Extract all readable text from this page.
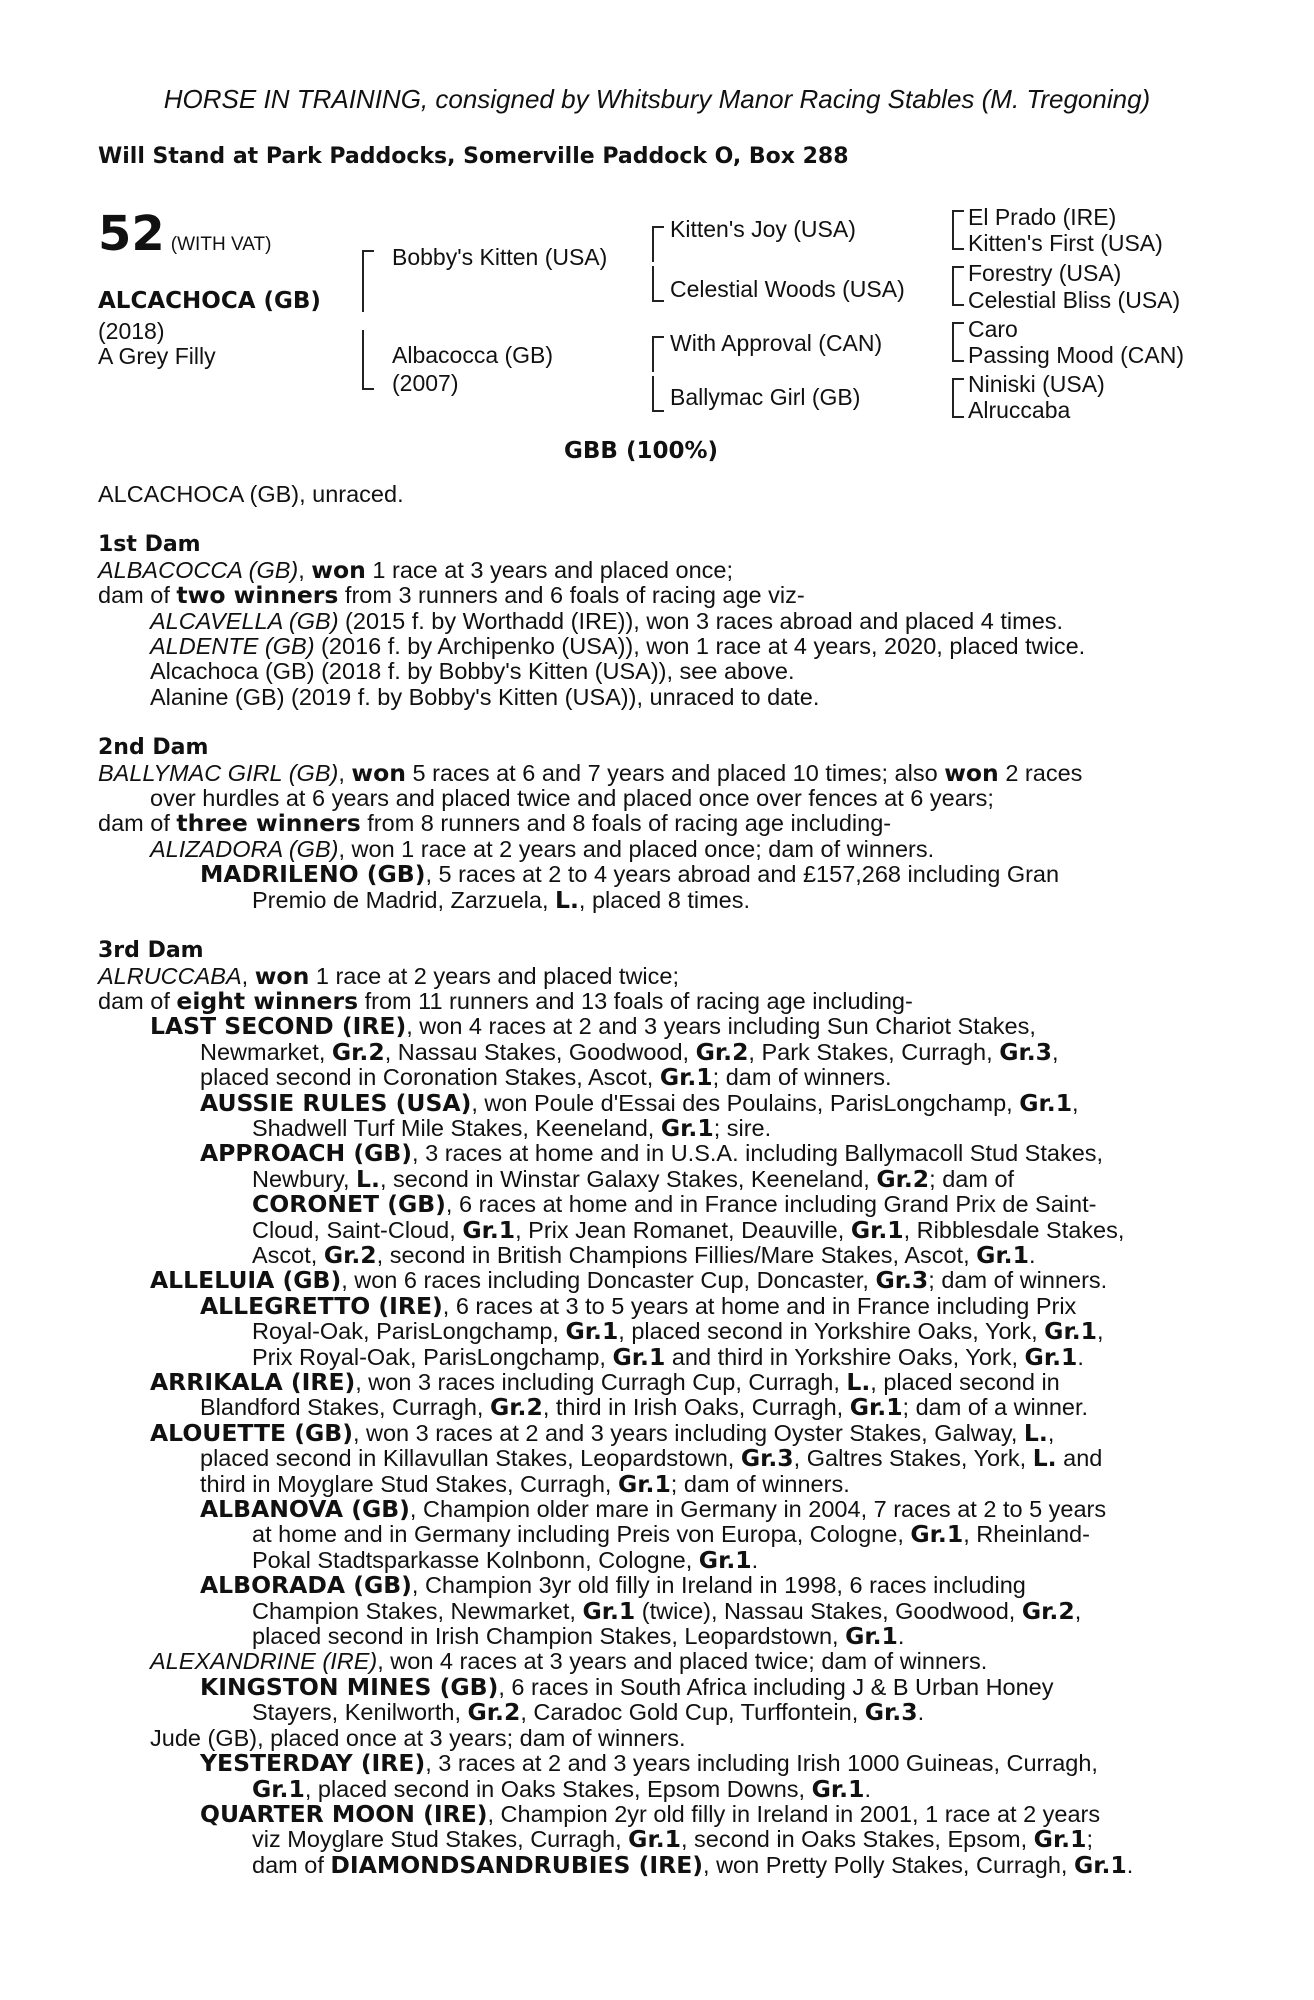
HORSE IN TRAINING, consigned by Whitsbury Manor Racing Stables (M. Tregoning)
Will Stand at Park Paddocks, Somerville Paddock O, Box 288
52 (WITH VAT)
ALCACHOCA (GB)
(2018)
A Grey Filly
Bobby's Kitten (USA)
Albacocca (GB)
(2007)
Kitten's Joy (USA)
Celestial Woods (USA)
With Approval (CAN)
Ballymac Girl (GB)
El Prado (IRE)
Kitten's First (USA)
Forestry (USA)
Celestial Bliss (USA)
Caro
Passing Mood (CAN)
Niniski (USA)
Alruccaba
GBB (100%)
ALCACHOCA (GB), unraced.
1st Dam
ALBACOCCA (GB), won 1 race at 3 years and placed once;
dam of two winners from 3 runners and 6 foals of racing age viz-
ALCAVELLA (GB) (2015 f. by Worthadd (IRE)), won 3 races abroad and placed 4 times.
ALDENTE (GB) (2016 f. by Archipenko (USA)), won 1 race at 4 years, 2020, placed twice.
Alcachoca (GB) (2018 f. by Bobby's Kitten (USA)), see above.
Alanine (GB) (2019 f. by Bobby's Kitten (USA)), unraced to date.
2nd Dam
BALLYMAC GIRL (GB), won 5 races at 6 and 7 years and placed 10 times; also won 2 races
over hurdles at 6 years and placed twice and placed once over fences at 6 years;
dam of three winners from 8 runners and 8 foals of racing age including-
ALIZADORA (GB), won 1 race at 2 years and placed once; dam of winners.
MADRILENO (GB), 5 races at 2 to 4 years abroad and £157,268 including Gran
Premio de Madrid, Zarzuela, L., placed 8 times.
3rd Dam
ALRUCCABA, won 1 race at 2 years and placed twice;
dam of eight winners from 11 runners and 13 foals of racing age including-
LAST SECOND (IRE), won 4 races at 2 and 3 years including Sun Chariot Stakes,
Newmarket, Gr.2, Nassau Stakes, Goodwood, Gr.2, Park Stakes, Curragh, Gr.3,
placed second in Coronation Stakes, Ascot, Gr.1; dam of winners.
AUSSIE RULES (USA), won Poule d'Essai des Poulains, ParisLongchamp, Gr.1,
Shadwell Turf Mile Stakes, Keeneland, Gr.1; sire.
APPROACH (GB), 3 races at home and in U.S.A. including Ballymacoll Stud Stakes,
Newbury, L., second in Winstar Galaxy Stakes, Keeneland, Gr.2; dam of
CORONET (GB), 6 races at home and in France including Grand Prix de Saint-
Cloud, Saint-Cloud, Gr.1, Prix Jean Romanet, Deauville, Gr.1, Ribblesdale Stakes,
Ascot, Gr.2, second in British Champions Fillies/Mare Stakes, Ascot, Gr.1.
ALLELUIA (GB), won 6 races including Doncaster Cup, Doncaster, Gr.3; dam of winners.
ALLEGRETTO (IRE), 6 races at 3 to 5 years at home and in France including Prix
Royal-Oak, ParisLongchamp, Gr.1, placed second in Yorkshire Oaks, York, Gr.1,
Prix Royal-Oak, ParisLongchamp, Gr.1 and third in Yorkshire Oaks, York, Gr.1.
ARRIKALA (IRE), won 3 races including Curragh Cup, Curragh, L., placed second in
Blandford Stakes, Curragh, Gr.2, third in Irish Oaks, Curragh, Gr.1; dam of a winner.
ALOUETTE (GB), won 3 races at 2 and 3 years including Oyster Stakes, Galway, L.,
placed second in Killavullan Stakes, Leopardstown, Gr.3, Galtres Stakes, York, L. and
third in Moyglare Stud Stakes, Curragh, Gr.1; dam of winners.
ALBANOVA (GB), Champion older mare in Germany in 2004, 7 races at 2 to 5 years
at home and in Germany including Preis von Europa, Cologne, Gr.1, Rheinland-
Pokal Stadtsparkasse Kolnbonn, Cologne, Gr.1.
ALBORADA (GB), Champion 3yr old filly in Ireland in 1998, 6 races including
Champion Stakes, Newmarket, Gr.1 (twice), Nassau Stakes, Goodwood, Gr.2,
placed second in Irish Champion Stakes, Leopardstown, Gr.1.
ALEXANDRINE (IRE), won 4 races at 3 years and placed twice; dam of winners.
KINGSTON MINES (GB), 6 races in South Africa including J & B Urban Honey
Stayers, Kenilworth, Gr.2, Caradoc Gold Cup, Turffontein, Gr.3.
Jude (GB), placed once at 3 years; dam of winners.
YESTERDAY (IRE), 3 races at 2 and 3 years including Irish 1000 Guineas, Curragh,
Gr.1, placed second in Oaks Stakes, Epsom Downs, Gr.1.
QUARTER MOON (IRE), Champion 2yr old filly in Ireland in 2001, 1 race at 2 years
viz Moyglare Stud Stakes, Curragh, Gr.1, second in Oaks Stakes, Epsom, Gr.1;
dam of DIAMONDSANDRUBIES (IRE), won Pretty Polly Stakes, Curragh, Gr.1.
